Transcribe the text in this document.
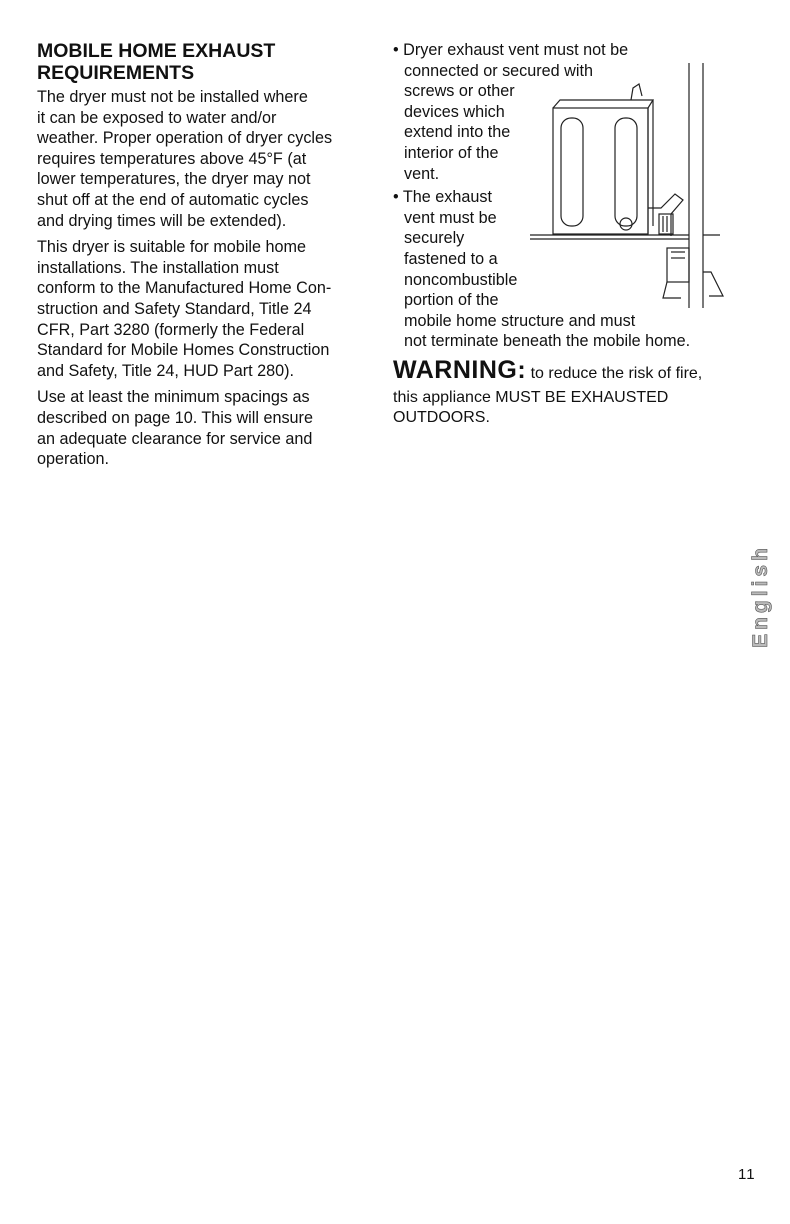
MOBILE HOME EXHAUST
REQUIREMENTS
The dryer must not be installed where
it can be exposed to water and/or
weather. Proper operation of dryer cycles
requires temperatures above 45°F (at
lower temperatures, the dryer may not
shut off at the end of automatic cycles
and drying times will be extended).
This dryer is suitable for mobile home
installations. The installation must
conform to the Manufactured Home Con-
struction and Safety Standard, Title 24
CFR, Part 3280 (formerly the Federal
Standard for Mobile Homes Construction
and Safety, Title 24, HUD Part 280).
Use at least the minimum spacings as
described on page 10. This will ensure
an adequate clearance for service and
operation.
• Dryer exhaust vent must not be
connected or secured with
screws or other
devices which
extend into the
interior of the
vent.
• The exhaust
vent must be
securely
fastened to a
noncombustible
portion of the
mobile home structure and must
not terminate beneath the mobile home.
WARNING: to reduce the risk of fire,
this appliance MUST BE EXHAUSTED
OUTDOORS.
English
11
